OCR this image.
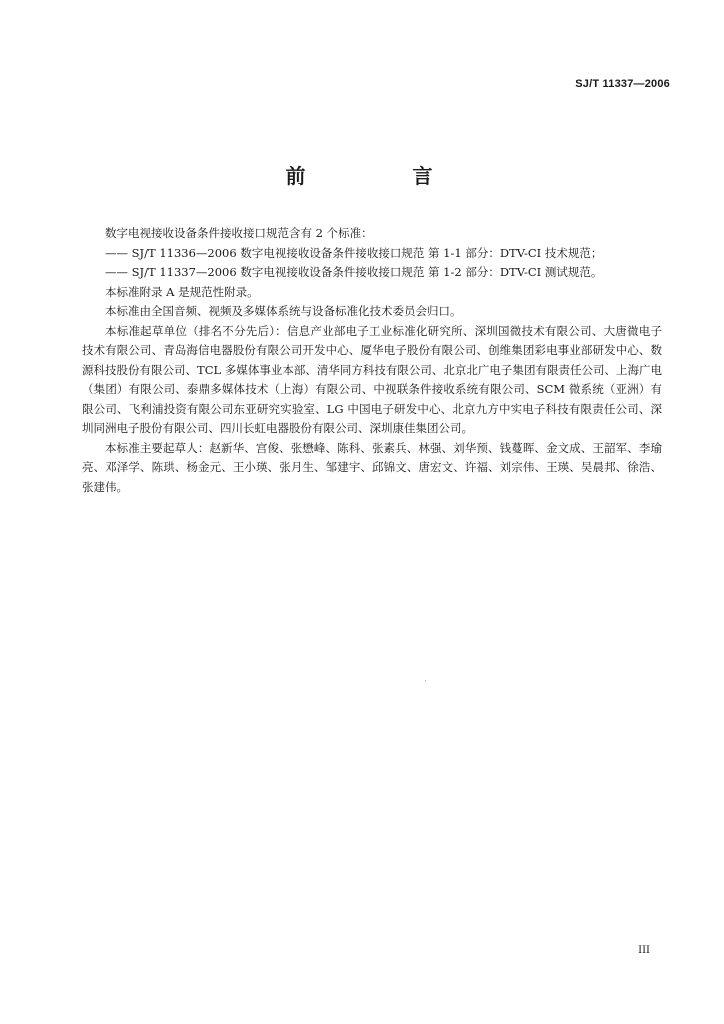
SJ/T 11337—2006
前 言

数字电视接收设备条件接收接口规范含有 2 个标准：

—— SJ/T 11336—2006 数字电视接收设备条件接收接口规范 第 1-1 部分：DTV-CI 技术规范；

—— SJ/T 11337—2006 数字电视接收设备条件接收接口规范 第 1-2 部分：DTV-CI 测试规范。

本标准附录 A 是规范性附录。

本标准由全国音频、视频及多媒体系统与设备标准化技术委员会归口。

本标准起草单位（排名不分先后）：信息产业部电子工业标准化研究所、深圳国微技术有限公司、大唐微电子技术有限公司、青岛海信电器股份有限公司开发中心、厦华电子股份有限公司、创维集团彩电事业部研发中心、数源科技股份有限公司、TCL 多媒体事业本部、清华同方科技有限公司、北京北广电子集团有限责任公司、上海广电（集团）有限公司、泰鼎多媒体技术（上海）有限公司、中视联条件接收系统有限公司、SCM 微系统（亚洲）有限公司、飞利浦投资有限公司东亚研究实验室、LG 中国电子研发中心、北京九方中实电子科技有限责任公司、深圳同洲电子股份有限公司、四川长虹电器股份有限公司、深圳康佳集团公司。

本标准主要起草人：赵新华、宫俊、张懋峰、陈科、张素兵、林强、刘华预、钱蔓晖、金文成、王韶军、李瑜亮、邓泽学、陈珙、杨金元、王小瑛、张月生、邹建宇、邱锦文、唐宏文、许福、刘宗伟、王瑛、吴晨邦、徐浩、张建伟。

III
